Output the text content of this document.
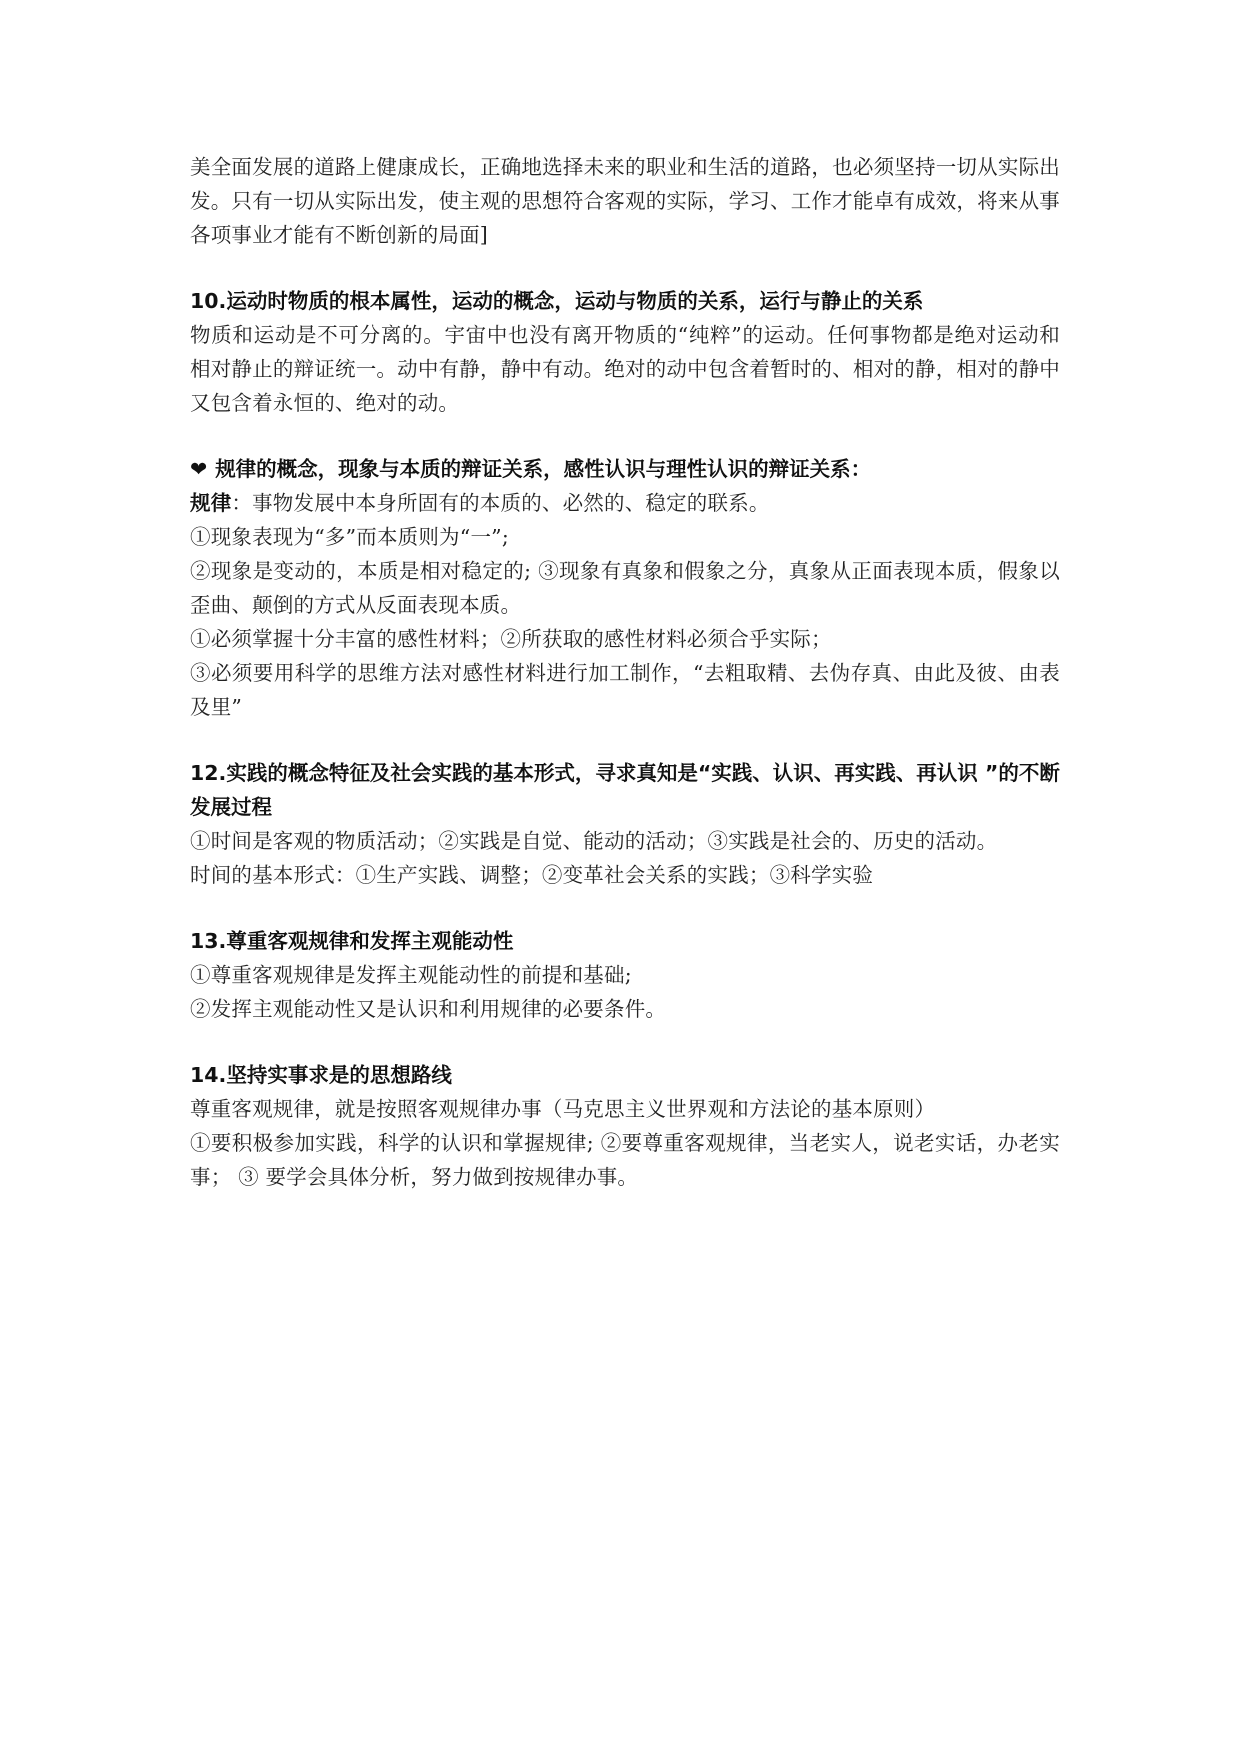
美全面发展的道路上健康成长，正确地选择未来的职业和生活的道路，也必须坚持一切从实际出发。只有一切从实际出发，使主观的思想符合客观的实际，学习、工作才能卓有成效，将来从事各项事业才能有不断创新的局面]

10.运动时物质的根本属性，运动的概念，运动与物质的关系，运行与静止的关系

物质和运动是不可分离的。宇宙中也没有离开物质的“纯粹”的运动。任何事物都是绝对运动和相对静止的辩证统一。动中有静，静中有动。绝对的动中包含着暂时的、相对的静，相对的静中又包含着永恒的、绝对的动。

❤ 规律的概念，现象与本质的辩证关系，感性认识与理性认识的辩证关系：

规律：事物发展中本身所固有的本质的、必然的、稳定的联系。

①现象表现为“多”而本质则为“一”;

②现象是变动的，本质是相对稳定的; ③现象有真象和假象之分，真象从正面表现本质，假象以歪曲、颠倒的方式从反面表现本质。

①必须掌握十分丰富的感性材料；②所获取的感性材料必须合乎实际；

③必须要用科学的思维方法对感性材料进行加工制作，“去粗取精、去伪存真、由此及彼、由表及里”

12.实践的概念特征及社会实践的基本形式，寻求真知是“实践、认识、再实践、再认识 ”的不断发展过程

①时间是客观的物质活动；②实践是自觉、能动的活动；③实践是社会的、历史的活动。

时间的基本形式：①生产实践、调整；②变革社会关系的实践；③科学实验

13.尊重客观规律和发挥主观能动性

①尊重客观规律是发挥主观能动性的前提和基础;

②发挥主观能动性又是认识和利用规律的必要条件。

14.坚持实事求是的思想路线

尊重客观规律，就是按照客观规律办事（马克思主义世界观和方法论的基本原则）

①要积极参加实践，科学的认识和掌握规律; ②要尊重客观规律，当老实人，说老实话，办老实事； ③ 要学会具体分析，努力做到按规律办事。
